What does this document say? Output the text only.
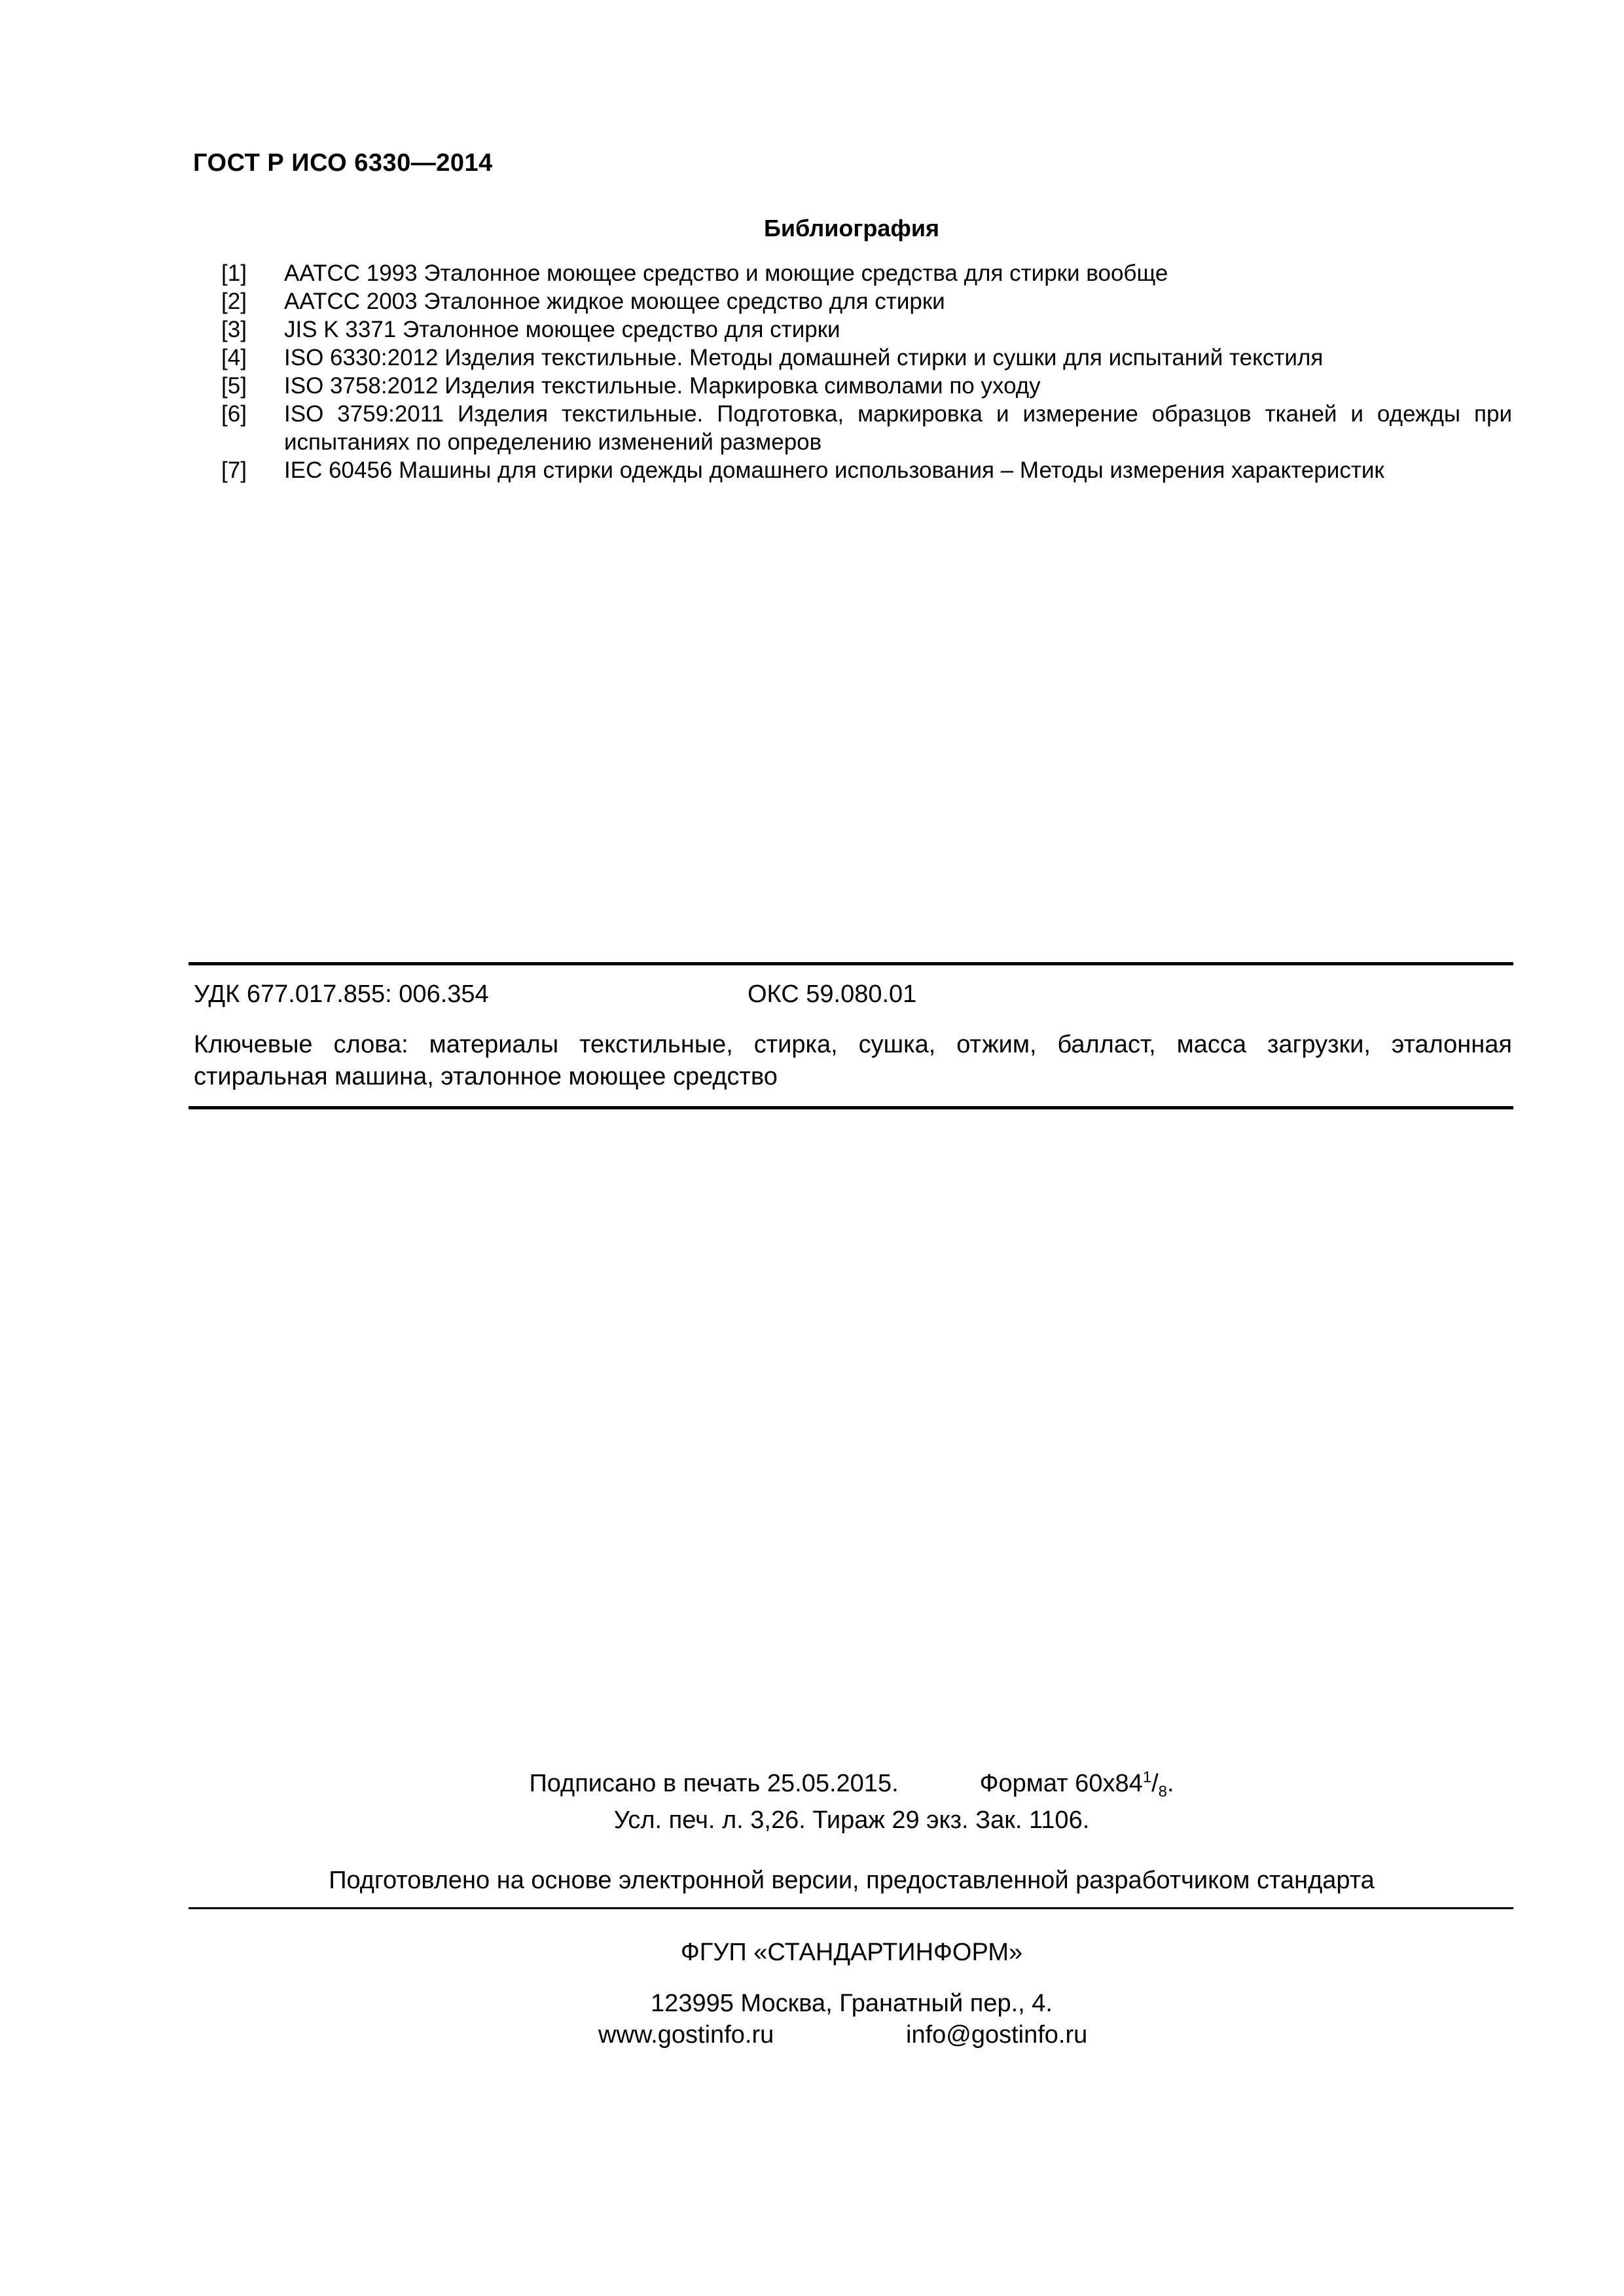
ГОСТ Р ИСО 6330—2014
Библиография
[1]	AATCC 1993 Эталонное моющее средство и моющие средства для стирки вообще
[2]	AATCC 2003 Эталонное жидкое моющее средство для стирки
[3]	JIS K 3371 Эталонное моющее средство для стирки
[4]	ISO 6330:2012 Изделия текстильные. Методы домашней стирки и сушки для испытаний текстиля
[5]	ISO 3758:2012 Изделия текстильные. Маркировка символами по уходу
[6]	ISO 3759:2011 Изделия текстильные. Подготовка, маркировка и измерение образцов тканей и одежды при испытаниях по определению изменений размеров
[7]	IEC 60456 Машины для стирки одежды домашнего использования – Методы измерения характеристик
УДК 677.017.855: 006.354	ОКС 59.080.01
Ключевые слова: материалы текстильные, стирка, сушка, отжим, балласт, масса загрузки, эталонная стиральная машина, эталонное моющее средство
Подписано в печать 25.05.2015.	Формат $60x84^1/_8$.
Усл. печ. л. 3,26. Тираж 29 экз. Зак. 1106.
Подготовлено на основе электронной версии, предоставленной разработчиком стандарта
ФГУП «СТАНДАРТИНФОРМ»
123995 Москва, Гранатный пер., 4.
www.gostinfo.ru	info@gostinfo.ru
